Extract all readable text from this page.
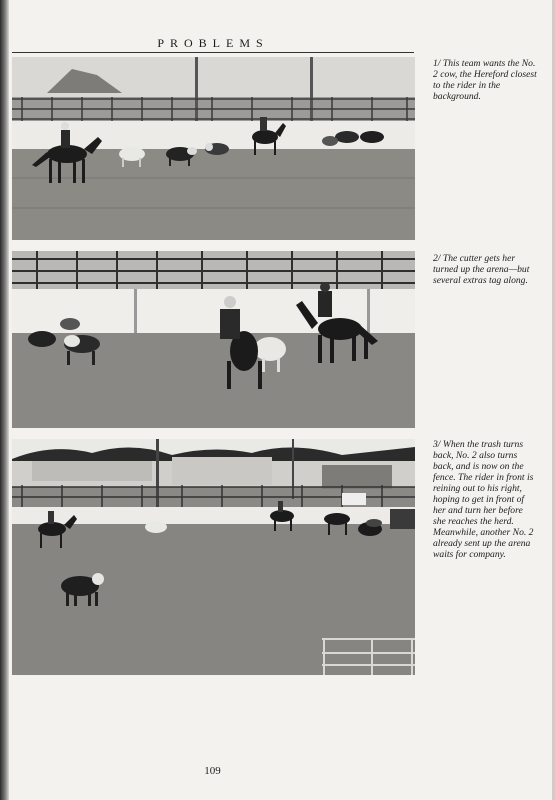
PROBLEMS
1/ This team wants the No. 2 cow, the Hereford closest to the rider in the background.
2/ The cutter gets her turned up the arena—but several extras tag along.
3/ When the trash turns back, No. 2 also turns back, and is now on the fence. The rider in front is reining out to his right, hoping to get in front of her and turn her before she reaches the herd. Meanwhile, another No. 2 already sent up the arena waits for company.
109
